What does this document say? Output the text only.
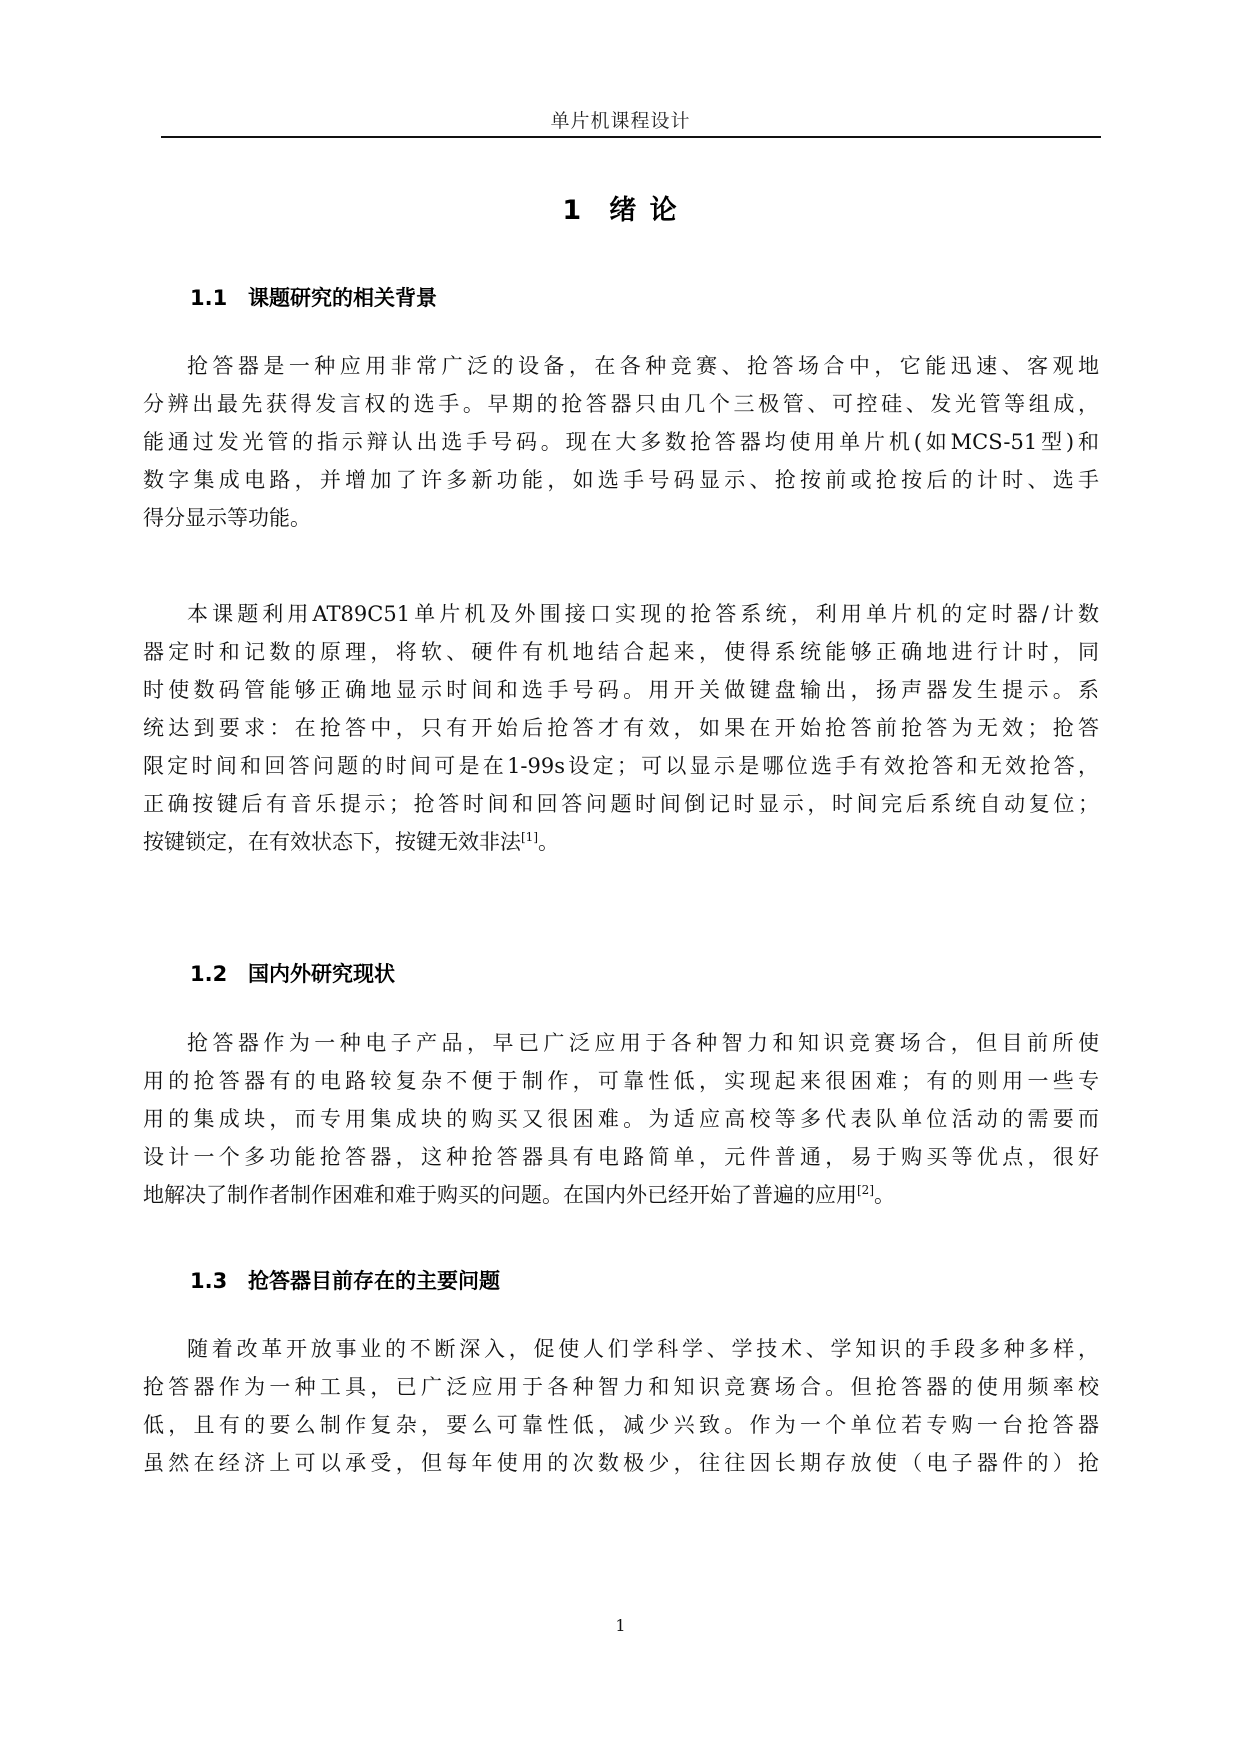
单片机课程设计
1 绪 论
1.1 课题研究的相关背景
抢答器是一种应用非常广泛的设备，在各种竞赛、抢答场合中，它能迅速、客观地
分辨出最先获得发言权的选手。早期的抢答器只由几个三极管、可控硅、发光管等组成，
能通过发光管的指示辩认出选手号码。现在大多数抢答器均使用单片机(如MCS-51型)和
数字集成电路，并增加了许多新功能，如选手号码显示、抢按前或抢按后的计时、选手
得分显示等功能。
本课题利用AT89C51单片机及外围接口实现的抢答系统，利用单片机的定时器/计数
器定时和记数的原理，将软、硬件有机地结合起来，使得系统能够正确地进行计时，同
时使数码管能够正确地显示时间和选手号码。用开关做键盘输出，扬声器发生提示。系
统达到要求：在抢答中，只有开始后抢答才有效，如果在开始抢答前抢答为无效；抢答
限定时间和回答问题的时间可是在1-99s设定；可以显示是哪位选手有效抢答和无效抢答，
正确按键后有音乐提示；抢答时间和回答问题时间倒记时显示，时间完后系统自动复位；
按键锁定，在有效状态下，按键无效非法[1]。
1.2 国内外研究现状
抢答器作为一种电子产品，早已广泛应用于各种智力和知识竞赛场合，但目前所使
用的抢答器有的电路较复杂不便于制作，可靠性低，实现起来很困难；有的则用一些专
用的集成块，而专用集成块的购买又很困难。为适应高校等多代表队单位活动的需要而
设计一个多功能抢答器，这种抢答器具有电路简单，元件普通，易于购买等优点，很好
地解决了制作者制作困难和难于购买的问题。在国内外已经开始了普遍的应用[2]。
1.3 抢答器目前存在的主要问题
随着改革开放事业的不断深入，促使人们学科学、学技术、学知识的手段多种多样，
抢答器作为一种工具，已广泛应用于各种智力和知识竞赛场合。但抢答器的使用频率校
低，且有的要么制作复杂，要么可靠性低，减少兴致。作为一个单位若专购一台抢答器
虽然在经济上可以承受，但每年使用的次数极少，往往因长期存放使（电子器件的）抢
1
